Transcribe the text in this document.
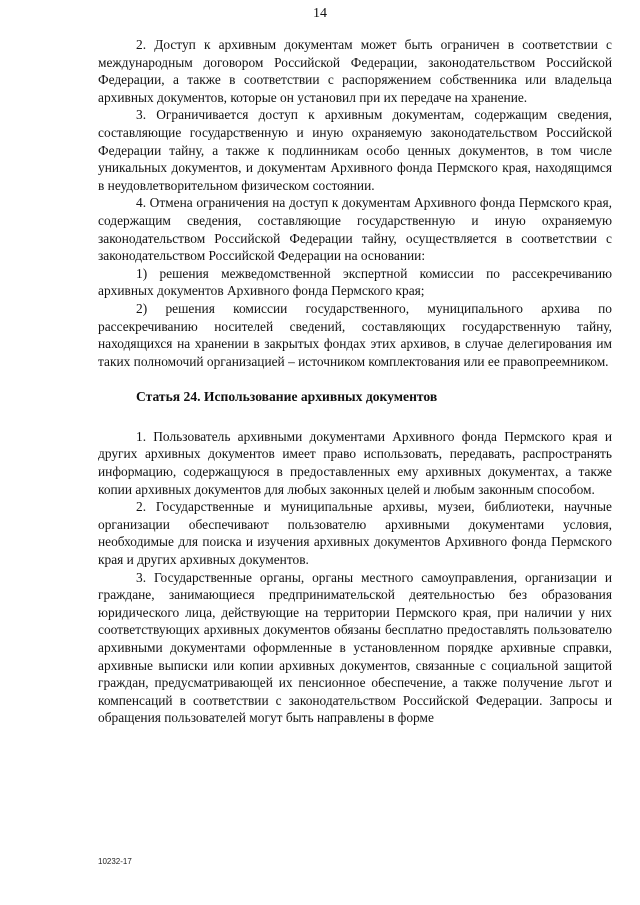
14

2. Доступ к архивным документам может быть ограничен в соответствии с международным договором Российской Федерации, законодательством Российской Федерации, а также в соответствии с распоряжением собственника или владельца архивных документов, которые он установил при их передаче на хранение.

3. Ограничивается доступ к архивным документам, содержащим сведения, составляющие государственную и иную охраняемую законодательством Российской Федерации тайну, а также к подлинникам особо ценных документов, в том числе уникальных документов, и документам Архивного фонда Пермского края, находящимся в неудовлетворительном физическом состоянии.

4. Отмена ограничения на доступ к документам Архивного фонда Пермского края, содержащим сведения, составляющие государственную и иную охраняемую законодательством Российской Федерации тайну, осуществляется в соответствии с законодательством Российской Федерации на основании:

1) решения межведомственной экспертной комиссии по рассекречиванию архивных документов Архивного фонда Пермского края;

2) решения комиссии государственного, муниципального архива по рассекречиванию носителей сведений, составляющих государственную тайну, находящихся на хранении в закрытых фондах этих архивов, в случае делегирования им таких полномочий организацией – источником комплектования или ее правопреемником.

Статья 24. Использование архивных документов

1. Пользователь архивными документами Архивного фонда Пермского края и других архивных документов имеет право использовать, передавать, распространять информацию, содержащуюся в предоставленных ему архивных документах, а также копии архивных документов для любых законных целей и любым законным способом.

2. Государственные и муниципальные архивы, музеи, библиотеки, научные организации обеспечивают пользователю архивными документами условия, необходимые для поиска и изучения архивных документов Архивного фонда Пермского края и других архивных документов.

3. Государственные органы, органы местного самоуправления, организации и граждане, занимающиеся предпринимательской деятельностью без образования юридического лица, действующие на территории Пермского края, при наличии у них соответствующих архивных документов обязаны бесплатно предоставлять пользователю архивными документами оформленные в установленном порядке архивные справки, архивные выписки или копии архивных документов, связанные с социальной защитой граждан, предусматривающей их пенсионное обеспечение, а также получение льгот и компенсаций в соответствии с законодательством Российской Федерации. Запросы и обращения пользователей могут быть направлены в форме

10232-17
